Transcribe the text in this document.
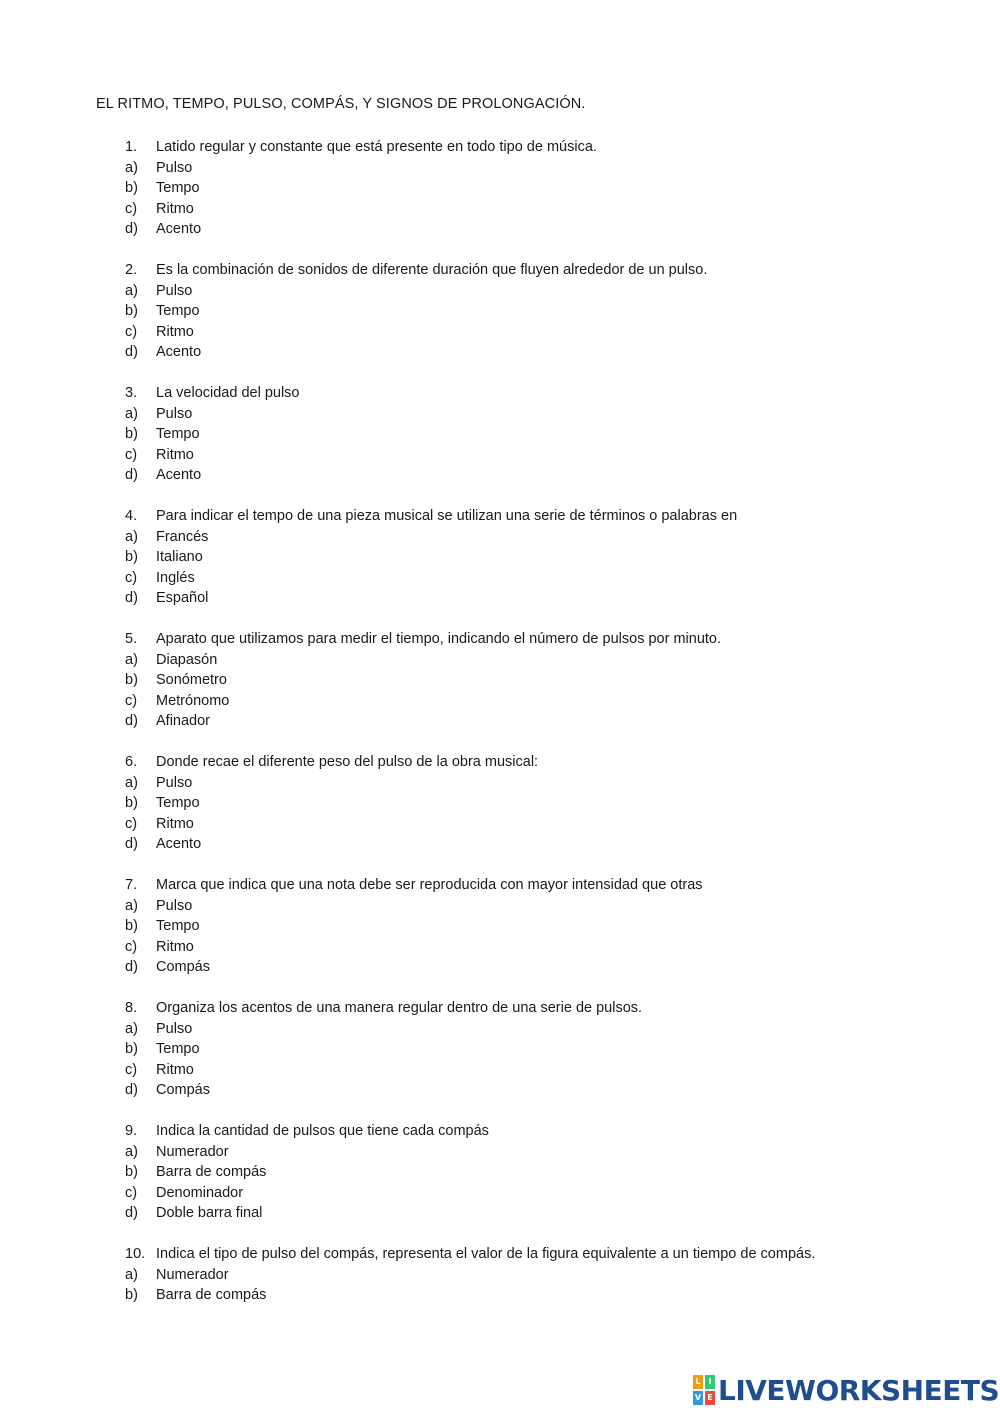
EL RITMO, TEMPO, PULSO, COMPÁS, Y SIGNOS DE PROLONGACIÓN.
1.	Latido regular y constante que está presente en todo tipo de música.
a)	Pulso
b)	Tempo
c)	Ritmo
d)	Acento
2.	Es la combinación de sonidos de diferente duración que fluyen alrededor de un pulso.
a)	Pulso
b)	Tempo
c)	Ritmo
d)	Acento
3.	La velocidad del pulso
a)	Pulso
b)	Tempo
c)	Ritmo
d)	Acento
4.	Para indicar el tempo de una pieza musical se utilizan una serie de términos o palabras en
a)	Francés
b)	Italiano
c)	Inglés
d)	Español
5.	Aparato que utilizamos para medir el tiempo, indicando el número de pulsos por minuto.
a)	Diapasón
b)	Sonómetro
c)	Metrónomo
d)	Afinador
6.	Donde recae el diferente peso del pulso de la obra musical:
a)	Pulso
b)	Tempo
c)	Ritmo
d)	Acento
7.	Marca que indica que una nota debe ser reproducida con mayor intensidad que otras
a)	Pulso
b)	Tempo
c)	Ritmo
d)	Compás
8.	Organiza los acentos de una manera regular dentro de una serie de pulsos.
a)	Pulso
b)	Tempo
c)	Ritmo
d)	Compás
9.	Indica la cantidad de pulsos que tiene cada compás
a)	Numerador
b)	Barra de compás
c)	Denominador
d)	Doble barra final
10. Indica el tipo de pulso del compás, representa el valor de la figura equivalente a un tiempo de compás.
a)	Numerador
b)	Barra de compás
L I
V E LIVEWORKSHEETS
